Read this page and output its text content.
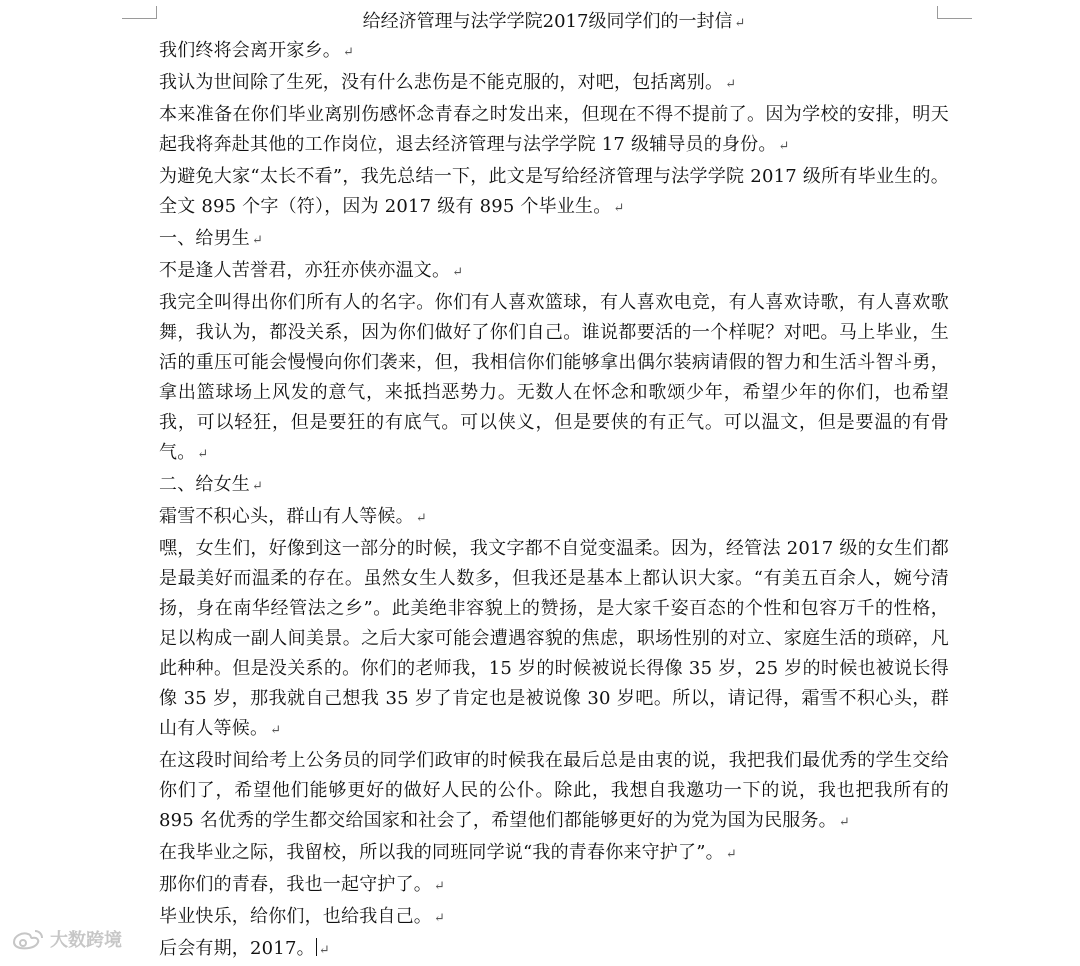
给经济管理与法学学院2017级同学们的一封信 ↵

我们终将会离开家乡。 ↵

我认为世间除了生死，没有什么悲伤是不能克服的，对吧，包括离别。 ↵

本来准备在你们毕业离别伤感怀念青春之时发出来，但现在不得不提前了。因为学校的安排，明天起我将奔赴其他的工作岗位，退去经济管理与法学学院 17 级辅导员的身份。 ↵

为避免大家“太长不看”，我先总结一下，此文是写给经济管理与法学学院 2017 级所有毕业生的。全文 895 个字（符），因为 2017 级有 895 个毕业生。 ↵

一、给男生 ↵

不是逢人苦誉君，亦狂亦侠亦温文。 ↵

我完全叫得出你们所有人的名字。你们有人喜欢篮球，有人喜欢电竞，有人喜欢诗歌，有人喜欢歌舞，我认为，都没关系，因为你们做好了你们自己。谁说都要活的一个样呢？对吧。马上毕业，生活的重压可能会慢慢向你们袭来，但，我相信你们能够拿出偶尔装病请假的智力和生活斗智斗勇，拿出篮球场上风发的意气，来抵挡恶势力。无数人在怀念和歌颂少年，希望少年的你们，也希望我，可以轻狂，但是要狂的有底气。可以侠义，但是要侠的有正气。可以温文，但是要温的有骨气。 ↵

二、给女生 ↵

霜雪不积心头，群山有人等候。 ↵

嘿，女生们，好像到这一部分的时候，我文字都不自觉变温柔。因为，经管法 2017 级的女生们都是最美好而温柔的存在。虽然女生人数多，但我还是基本上都认识大家。“有美五百余人，婉兮清扬，身在南华经管法之乡”。此美绝非容貌上的赞扬，是大家千姿百态的个性和包容万千的性格，足以构成一副人间美景。之后大家可能会遭遇容貌的焦虑，职场性别的对立、家庭生活的琐碎，凡此种种。但是没关系的。你们的老师我，15 岁的时候被说长得像 35 岁，25 岁的时候也被说长得像 35 岁，那我就自己想我 35 岁了肯定也是被说像 30 岁吧。所以，请记得，霜雪不积心头，群山有人等候。 ↵

在这段时间给考上公务员的同学们政审的时候我在最后总是由衷的说，我把我们最优秀的学生交给你们了，希望他们能够更好的做好人民的公仆。除此，我想自我邀功一下的说，我也把我所有的 895 名优秀的学生都交给国家和社会了，希望他们都能够更好的为党为国为民服务。 ↵

在我毕业之际，我留校，所以我的同班同学说“我的青春你来守护了”。 ↵

那你们的青春，我也一起守护了。 ↵

毕业快乐，给你们，也给我自己。 ↵

后会有期，2017。 ↵

大数跨境
